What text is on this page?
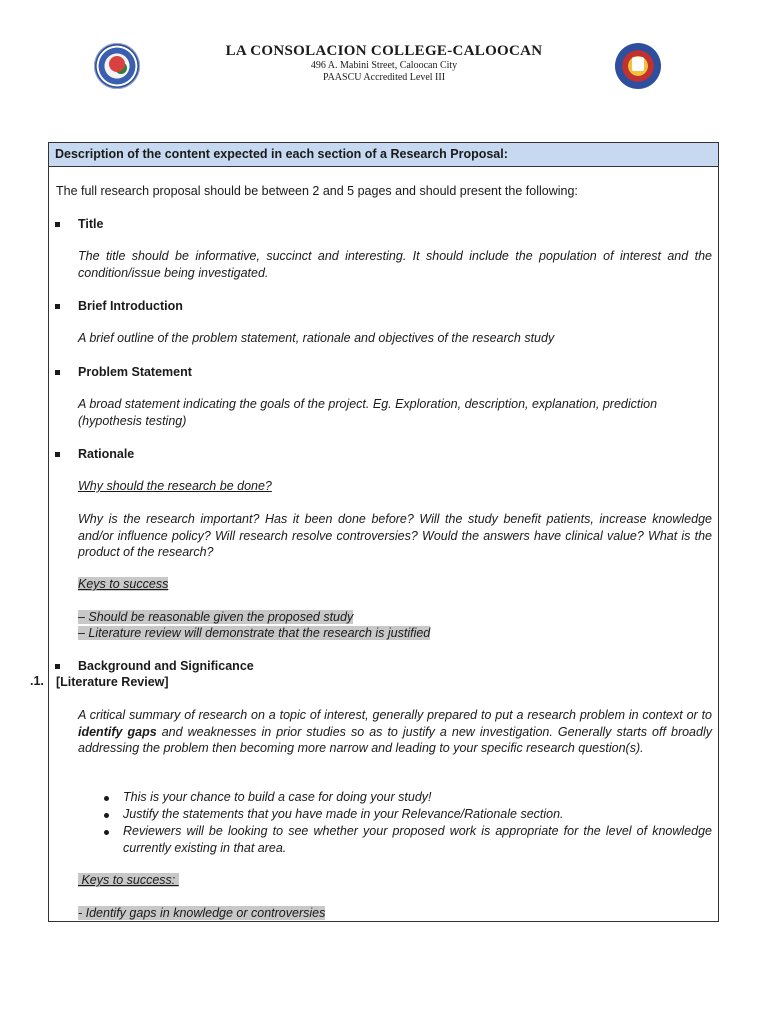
LA CONSOLACION COLLEGE-CALOOCAN
496 A. Mabini Street, Caloocan City
PAASCU Accredited Level III
.1.
Description of the content expected in each section of a Research Proposal:
The full research proposal should be between 2 and 5 pages and should present the following:
Title
The title should be informative, succinct and interesting. It should include the population of interest and the condition/issue being investigated.
Brief Introduction
A brief outline of the problem statement, rationale and objectives of the research study
Problem Statement
A broad statement indicating the goals of the project. Eg. Exploration, description, explanation, prediction (hypothesis testing)
Rationale
Why should the research be done?
Why is the research important? Has it been done before? Will the study benefit patients, increase knowledge and/or influence policy? Will research resolve controversies? Would the answers have clinical value? What is the product of the research?
Keys to success
– Should be reasonable given the proposed study
– Literature review will demonstrate that the research is justified
Background and Significance
[Literature Review]
A critical summary of research on a topic of interest, generally prepared to put a research problem in context or to identify gaps and weaknesses in prior studies so as to justify a new investigation. Generally starts off broadly addressing the problem then becoming more narrow and leading to your specific research question(s).
This is your chance to build a case for doing your study!
Justify the statements that you have made in your Relevance/Rationale section.
Reviewers will be looking to see whether your proposed work is appropriate for the level of knowledge currently existing in that area.
Keys to success:
- Identify gaps in knowledge or controversies
